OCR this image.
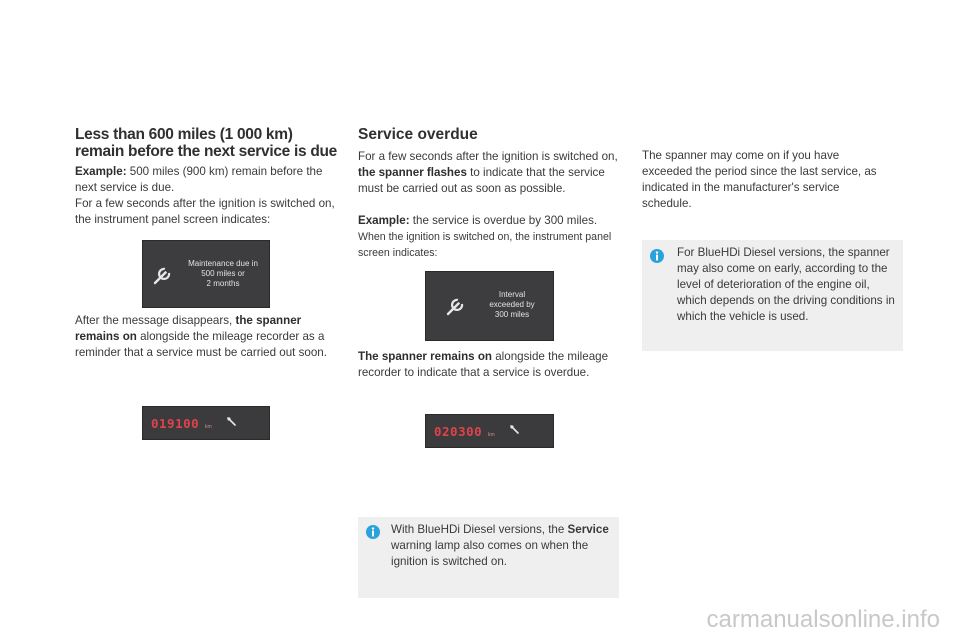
Less than 600 miles (1 000 km)
remain before the next service is due
Example: 500 miles (900 km) remain before the next service is due.
For a few seconds after the ignition is switched on, the instrument panel screen indicates:
Maintenance due in
500 miles or
2 months
After the message disappears, the spanner remains on alongside the mileage recorder as a reminder that a service must be carried out soon.
019100 km
Service overdue
For a few seconds after the ignition is switched on, the spanner flashes to indicate that the service must be carried out as soon as possible.
Example: the service is overdue by 300 miles.
When the ignition is switched on, the instrument panel screen indicates:
Interval
exceeded by
300 miles
The spanner remains on alongside the mileage recorder to indicate that a service is overdue.
020300 km
With BlueHDi Diesel versions, the Service warning lamp also comes on when the ignition is switched on.
The spanner may come on if you have exceeded the period since the last service, as indicated in the manufacturer's service schedule.
For BlueHDi Diesel versions, the spanner may also come on early, according to the level of deterioration of the engine oil, which depends on the driving conditions in which the vehicle is used.
carmanualsonline.info
